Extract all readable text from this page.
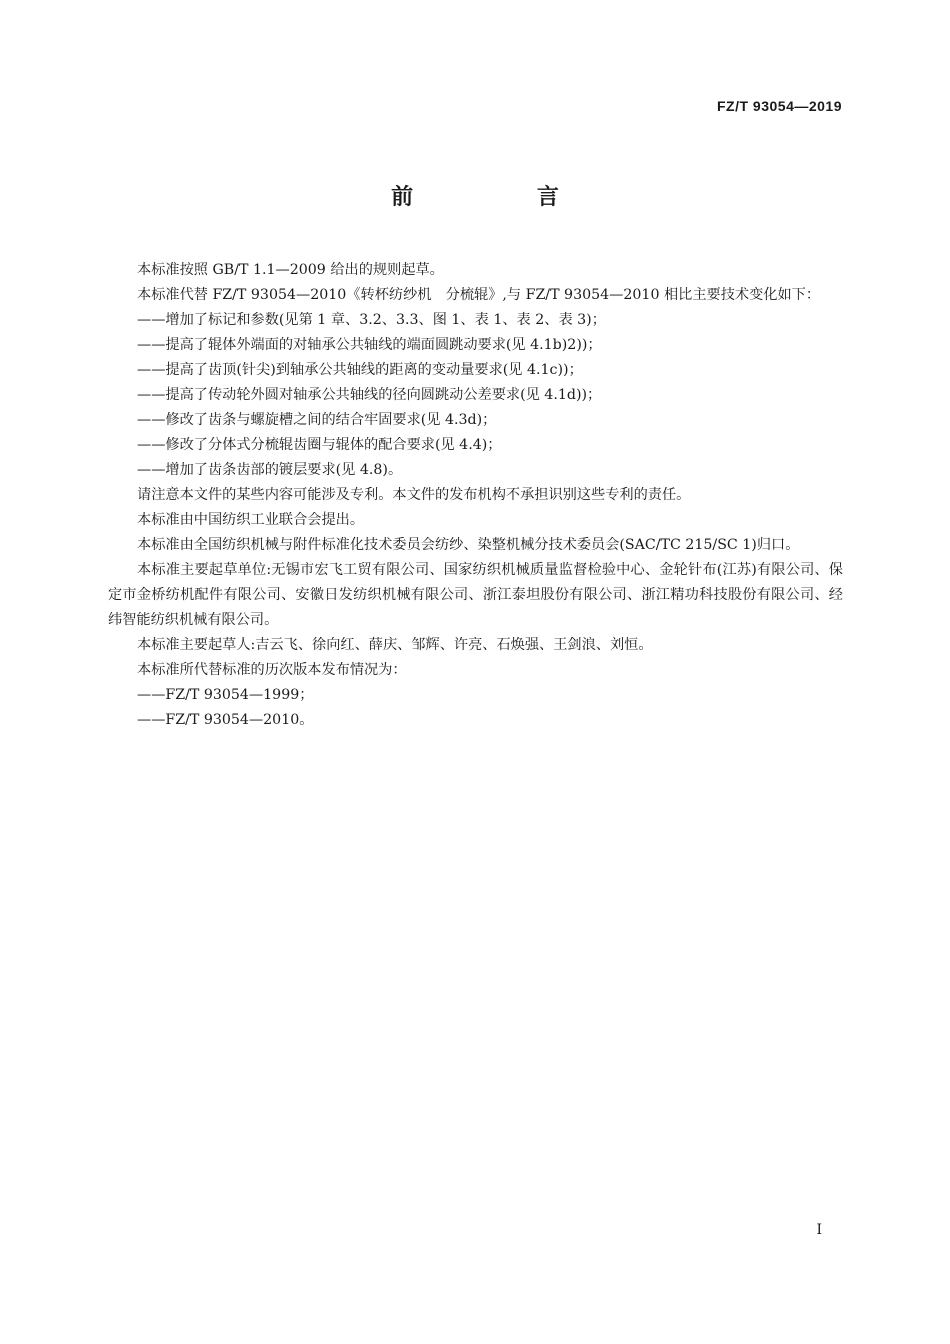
FZ/T 93054—2019
前 言

本标准按照 GB/T 1.1—2009 给出的规则起草。

本标准代替 FZ/T 93054—2010《转杯纺纱机　分梳辊》,与 FZ/T 93054—2010 相比主要技术变化如下：

——增加了标记和参数(见第 1 章、3.2、3.3、图 1、表 1、表 2、表 3)；

——提高了辊体外端面的对轴承公共轴线的端面圆跳动要求(见 4.1b)2))；

——提高了齿顶(针尖)到轴承公共轴线的距离的变动量要求(见 4.1c))；

——提高了传动轮外圆对轴承公共轴线的径向圆跳动公差要求(见 4.1d))；

——修改了齿条与螺旋槽之间的结合牢固要求(见 4.3d)；

——修改了分体式分梳辊齿圈与辊体的配合要求(见 4.4)；

——增加了齿条齿部的镀层要求(见 4.8)。

请注意本文件的某些内容可能涉及专利。本文件的发布机构不承担识别这些专利的责任。

本标准由中国纺织工业联合会提出。

本标准由全国纺织机械与附件标准化技术委员会纺纱、染整机械分技术委员会(SAC/TC 215/SC 1)归口。

本标准主要起草单位:无锡市宏飞工贸有限公司、国家纺织机械质量监督检验中心、金轮针布(江苏)有限公司、保定市金桥纺机配件有限公司、安徽日发纺织机械有限公司、浙江泰坦股份有限公司、浙江精功科技股份有限公司、经纬智能纺织机械有限公司。

本标准主要起草人:吉云飞、徐向红、薛庆、邹辉、许亮、石焕强、王剑浪、刘恒。

本标准所代替标准的历次版本发布情况为：

——FZ/T 93054—1999；

——FZ/T 93054—2010。

I
